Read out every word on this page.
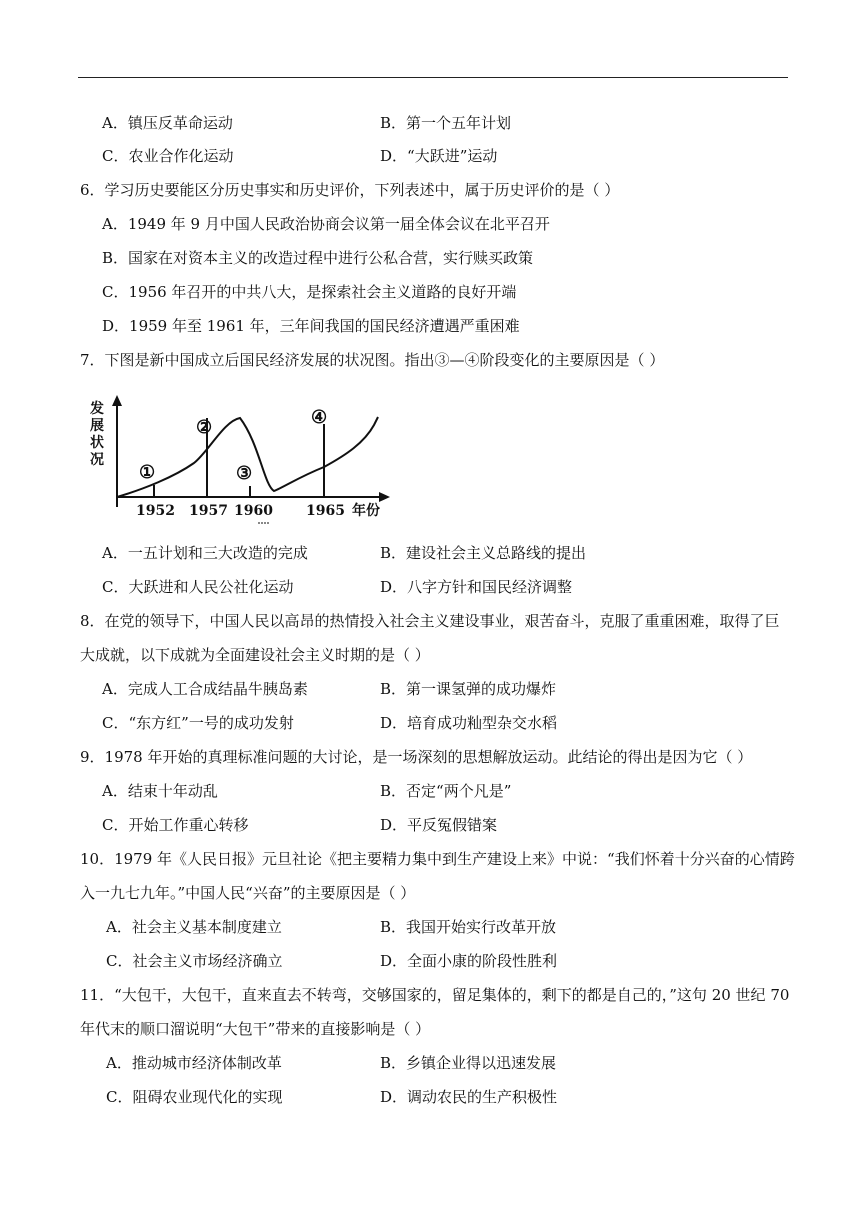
A．镇压反革命运动	B．第一个五年计划
C．农业合作化运动	D．“大跃进”运动
6．学习历史要能区分历史事实和历史评价，下列表述中，属于历史评价的是（ ）
A．1949 年 9 月中国人民政治协商会议第一届全体会议在北平召开
B．国家在对资本主义的改造过程中进行公私合营，实行赎买政策
C．1956 年召开的中共八大，是探索社会主义道路的良好开端
D．1959 年至 1961 年，三年间我国的国民经济遭遇严重困难
7．下图是新中国成立后国民经济发展的状况图。指出③—④阶段变化的主要原因是（ ）
发
展
状
况
①
②
③
④
1952 1957 1960 1965 年份
A．一五计划和三大改造的完成	B．建设社会主义总路线的提出
C．大跃进和人民公社化运动	D．八字方针和国民经济调整
8．在党的领导下，中国人民以高昂的热情投入社会主义建设事业，艰苦奋斗，克服了重重困难，取得了巨
大成就，以下成就为全面建设社会主义时期的是（ ）
A．完成人工合成结晶牛胰岛素	B．第一课氢弹的成功爆炸
C．“东方红”一号的成功发射	D．培育成功籼型杂交水稻
9．1978 年开始的真理标准问题的大讨论，是一场深刻的思想解放运动。此结论的得出是因为它（ ）
A．结束十年动乱	B．否定“两个凡是”
C．开始工作重心转移	D．平反冤假错案
10．1979 年《人民日报》元旦社论《把主要精力集中到生产建设上来》中说：“我们怀着十分兴奋的心情跨
入一九七九年。”中国人民“兴奋”的主要原因是（ ）
A．社会主义基本制度建立	B．我国开始实行改革开放
C．社会主义市场经济确立	D．全面小康的阶段性胜利
11．“大包干，大包干，直来直去不转弯，交够国家的，留足集体的，剩下的都是自己的，”这句 20 世纪 70
年代末的顺口溜说明“大包干”带来的直接影响是（ ）
A．推动城市经济体制改革	B．乡镇企业得以迅速发展
C．阻碍农业现代化的实现	D．调动农民的生产积极性
